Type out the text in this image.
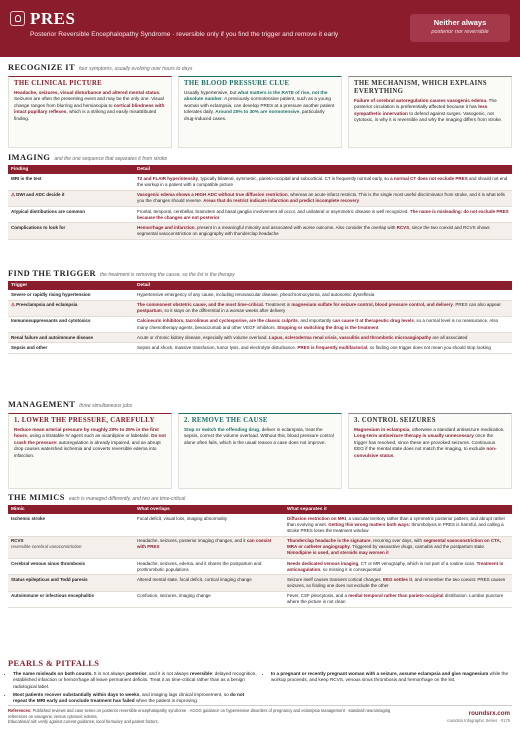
PRES
Posterior Reversible Encephalopathy Syndrome · reversible only if you find the trigger and remove it early
Neither always
posterior nor reversible
RECOGNIZE IT four symptoms, usually evolving over hours to days
THE CLINICAL PICTURE

Headache, seizures, visual disturbance and altered mental status. Seizures are often the presenting event and may be the only one. Visual change ranges from blurring and hemianopia to cortical blindness with intact pupillary reflexes, which is a striking and easily misattributed finding.

THE BLOOD PRESSURE CLUE

Usually hypertensive, but what matters is the RATE of rise, not the absolute number. A previously normotensive patient, such as a young woman with eclampsia, can develop PRES at a pressure another patient tolerates daily. Around 20% to 30% are normotensive, particularly drug-induced cases.

THE MECHANISM, WHICH EXPLAINS EVERYTHING

Failure of cerebral autoregulation causes vasogenic edema. The posterior circulation is preferentially affected because it has less sympathetic innervation to defend against surges. Vasogenic, not cytotoxic, is why it is reversible and why the imaging differs from stroke.

IMAGING and the one sequence that separates it from stroke
Finding	Detail
MRI is the test	T2 and FLAIR hyperintensity, typically bilateral, symmetric, parieto-occipital and subcortical. CT is frequently normal early, so a normal CT does not exclude PRES and should not end the workup in a patient with a compatible picture
⚠DWI and ADC decide it	Vasogenic edema shows a HIGH ADC without true diffusion restriction, whereas an acute infarct restricts. This is the single most useful discriminator from stroke, and it is what tells you the changes should reverse. Areas that do restrict indicate infarction and predict incomplete recovery
Atypical distributions are common	Frontal, temporal, cerebellar, brainstem and basal ganglia involvement all occur, and unilateral or asymmetric disease is well recognized. The name is misleading: do not exclude PRES because the changes are not posterior
Complications to look for	Hemorrhage and infarction, present in a meaningful minority and associated with worse outcome. Also consider the overlap with RCVS, since the two coexist and RCVS shows segmental vasoconstriction on angiography with thunderclap headache
FIND THE TRIGGER the treatment is removing the cause, so the list is the therapy
Trigger	Detail
Severe or rapidly rising hypertension	Hypertensive emergency of any cause, including renovascular disease, pheochromocytoma, and autonomic dysreflexia
⚠Preeclampsia and eclampsia	The commonest obstetric cause, and the most time-critical. Treatment is magnesium sulfate for seizure control, blood pressure control, and delivery. PRES can also appear postpartum, so it stays on the differential in a woman weeks after delivery
Immunosuppressants and cytotoxics	Calcineurin inhibitors, tacrolimus and cyclosporine, are the classic culprits, and importantly can cause it at therapeutic drug levels, so a normal level is no reassurance. Also many chemotherapy agents, bevacizumab and other VEGF inhibitors. Stopping or switching the drug is the treatment
Renal failure and autoimmune disease	Acute or chronic kidney disease, especially with volume overload. Lupus, scleroderma renal crisis, vasculitis and thrombotic microangiopathy are all associated
Sepsis and other	Sepsis and shock, massive transfusion, tumor lysis, and electrolyte disturbance. PRES is frequently multifactorial, so finding one trigger does not mean you should stop looking
MANAGEMENT three simultaneous jobs
1. LOWER THE PRESSURE, CAREFULLY

Reduce mean arterial pressure by roughly 20% to 25% in the first hours, using a titratable IV agent such as nicardipine or labetalol. Do not crash the pressure: autoregulation is already impaired, and an abrupt drop causes watershed ischemia and converts reversible edema into infarction.

2. REMOVE THE CAUSE

Stop or switch the offending drug, deliver in eclampsia, treat the sepsis, correct the volume overload. Without this, blood pressure control alone often fails, which is the usual reason a case does not improve.

3. CONTROL SEIZURES

Magnesium in eclampsia, otherwise a standard antiseizure medication. Long-term antiseizure therapy is usually unnecessary once the trigger has resolved, since these are provoked seizures. Continuous EEG if the mental state does not match the imaging, to exclude non-convulsive status.

THE MIMICS each is managed differently, and two are time-critical
Mimic	What overlaps	What separates it
Ischemic stroke	Focal deficit, visual loss, imaging abnormality	Diffusion restriction on MRI, a vascular territory rather than a symmetric posterior pattern, and abrupt rather than evolving onset. Getting this wrong matters both ways: thrombolysis in PRES is harmful, and calling a stroke PRES loses the treatment window
RCVS
reversible cerebral vasoconstriction	Headache, seizures, posterior imaging changes, and it can coexist with PRES	Thunderclap headache is the signature, recurring over days, with segmental vasoconstriction on CTA, MRA or catheter angiography. Triggered by vasoactive drugs, cannabis and the postpartum state. Nimodipine is used, and steroids may worsen it
Cerebral venous sinus thrombosis	Headache, seizures, edema, and it shares the postpartum and prothrombotic populations	Needs dedicated venous imaging, CT or MR venography, which is not part of a routine scan. Treatment is anticoagulation, so missing it is consequential
Status epilepticus and Todd paresis	Altered mental state, focal deficit, cortical imaging change	Seizure itself causes transient cortical changes. EEG settles it, and remember the two coexist: PRES causes seizures, so finding one does not exclude the other
Autoimmune or infectious encephalitis	Confusion, seizures, imaging change	Fever, CSF pleocytosis, and a medial temporal rather than parieto-occipital distribution. Lumbar puncture where the picture is not clean
PEARLS & PITFALLS
• The name misleads on both counts. It is not always posterior, and it is not always reversible: delayed recognition, established infarction or hemorrhage all leave permanent deficits. Treat it as time-critical rather than as a benign radiological label.
• Most patients recover substantially within days to weeks, and imaging lags clinical improvement, so do not repeat the MRI early and conclude treatment has failed when the patient is improving.
• In a pregnant or recently pregnant woman with a seizure, assume eclampsia and give magnesium while the workup proceeds, and keep RCVS, venous sinus thrombosis and hemorrhage on the list.
References: Published reviews and case series on posterior reversible encephalopathy syndrome · ACOG guidance on hypertensive disorders of pregnancy and eclampsia management · standard neuroimaging references on vasogenic versus cytotoxic edema.
Educational aid: verify against current guidance, local formulary and patient factors.
roundsrx.com
roundsrx Infographic Series · #175
